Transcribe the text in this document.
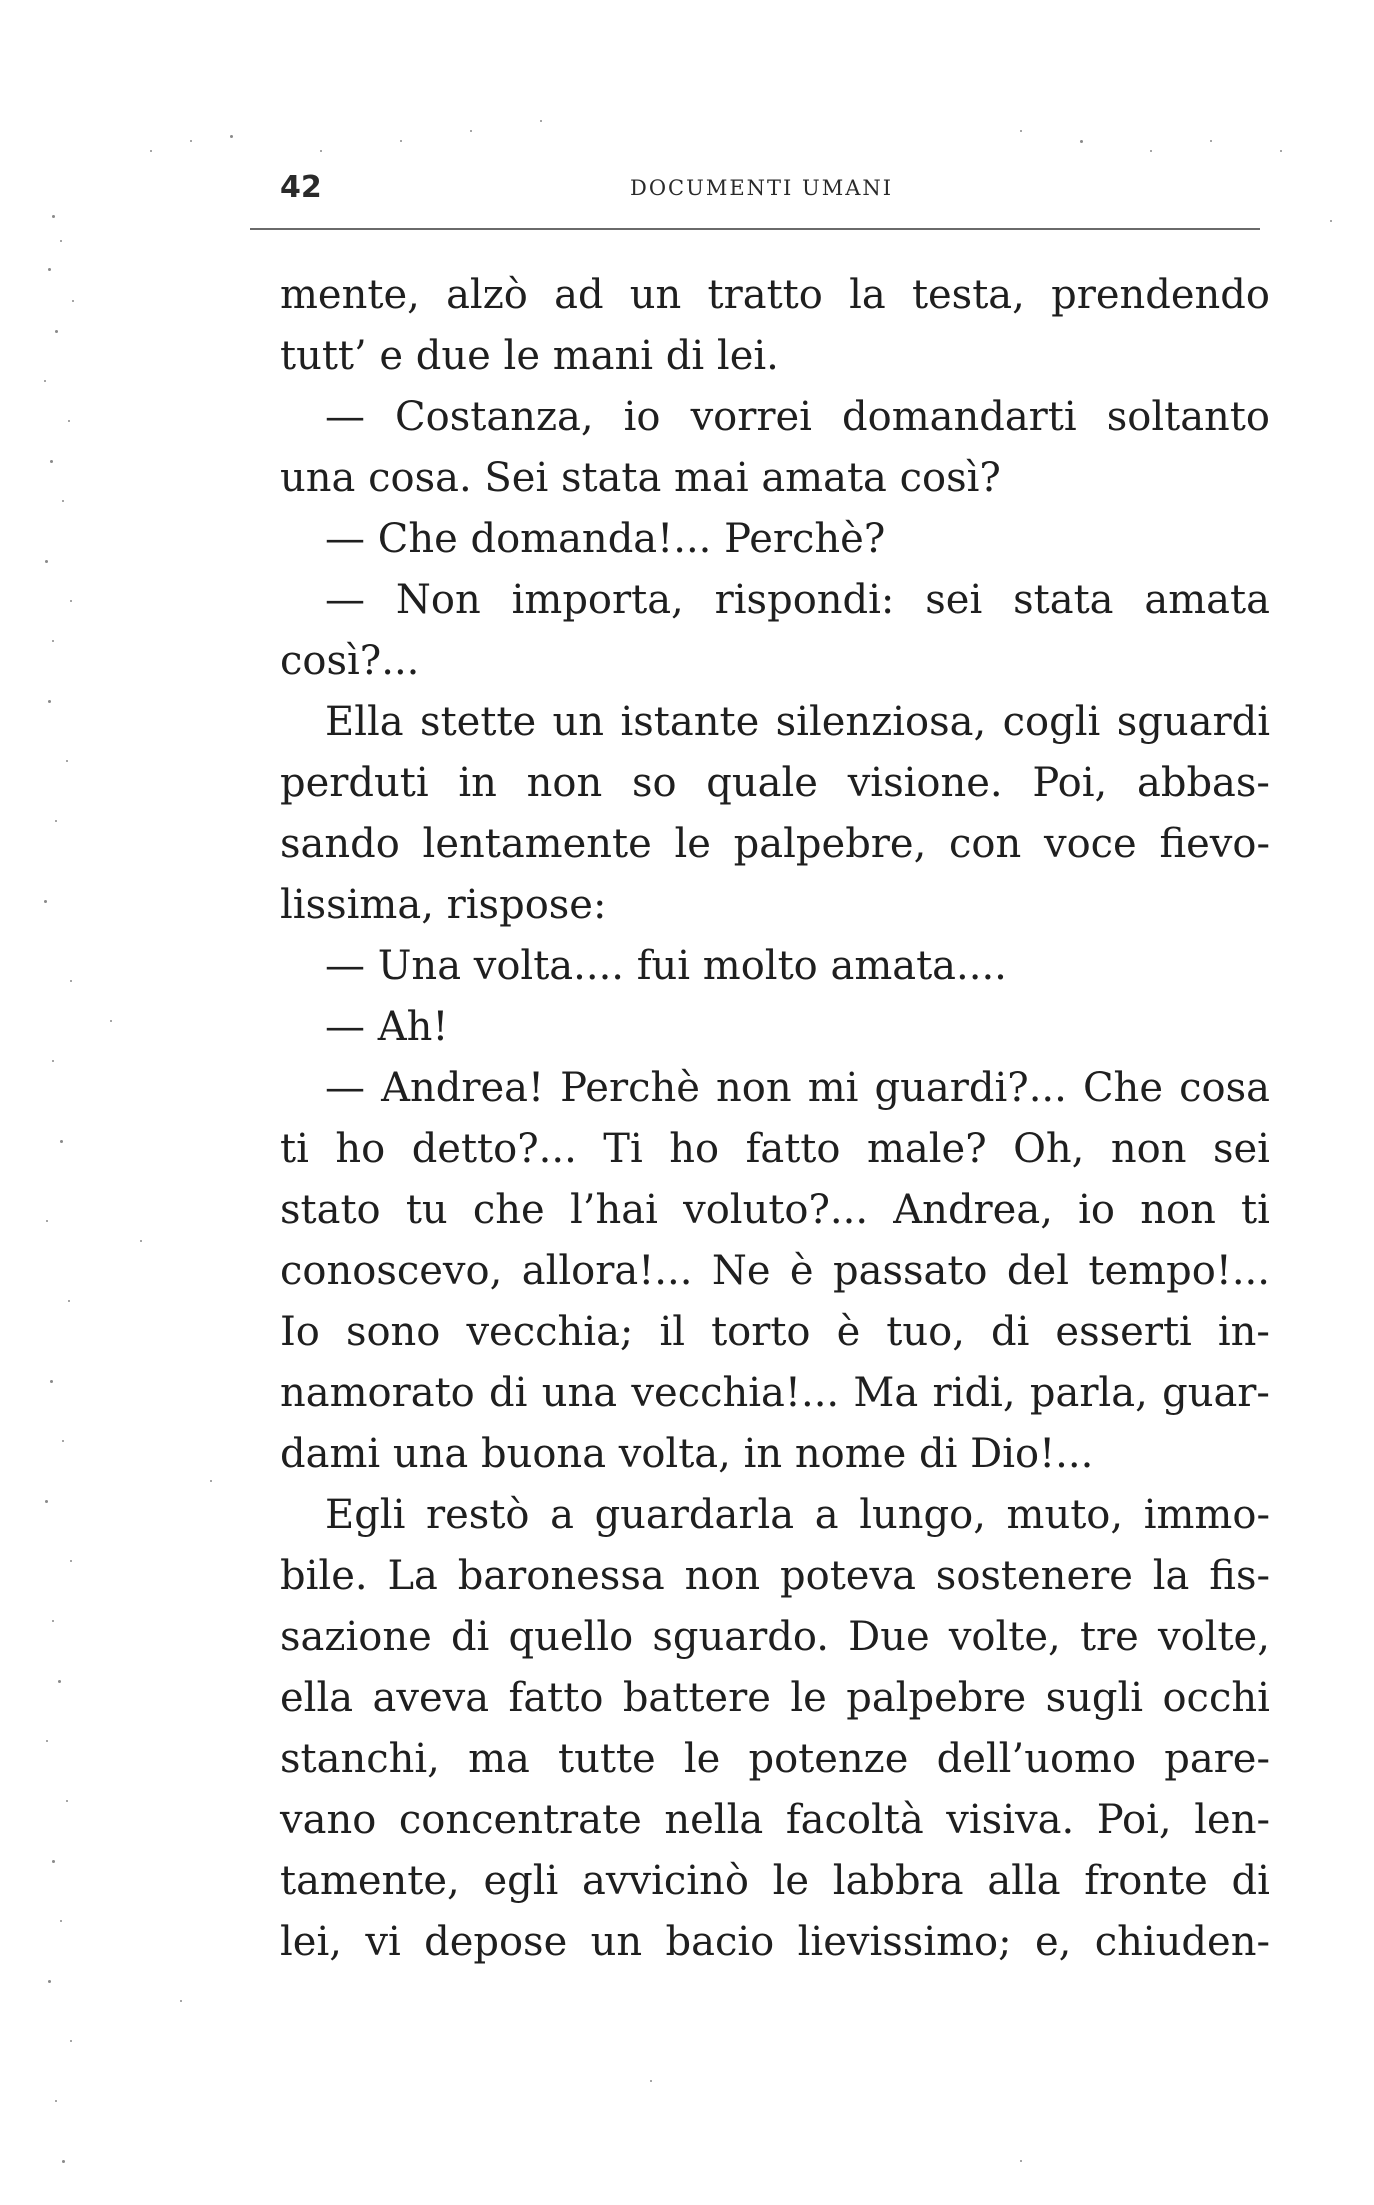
42	DOCUMENTI UMANI
mente, alzò ad un tratto la testa, prendendo
tutt’ e due le mani di lei.
— Costanza, io vorrei domandarti soltanto
una cosa. Sei stata mai amata così?
— Che domanda!... Perchè?
— Non importa, rispondi: sei stata amata
così?...
Ella stette un istante silenziosa, cogli sguardi
perduti in non so quale visione. Poi, abbas-
sando lentamente le palpebre, con voce fievo-
lissima, rispose:
— Una volta.... fui molto amata....
— Ah!
— Andrea! Perchè non mi guardi?... Che cosa
ti ho detto?... Ti ho fatto male? Oh, non sei
stato tu che l’hai voluto?... Andrea, io non ti
conoscevo, allora!... Ne è passato del tempo!...
Io sono vecchia; il torto è tuo, di esserti in-
namorato di una vecchia!... Ma ridi, parla, guar-
dami una buona volta, in nome di Dio!...
Egli restò a guardarla a lungo, muto, immo-
bile. La baronessa non poteva sostenere la fis-
sazione di quello sguardo. Due volte, tre volte,
ella aveva fatto battere le palpebre sugli occhi
stanchi, ma tutte le potenze dell’uomo pare-
vano concentrate nella facoltà visiva. Poi, len-
tamente, egli avvicinò le labbra alla fronte di
lei, vi depose un bacio lievissimo; e, chiuden-
